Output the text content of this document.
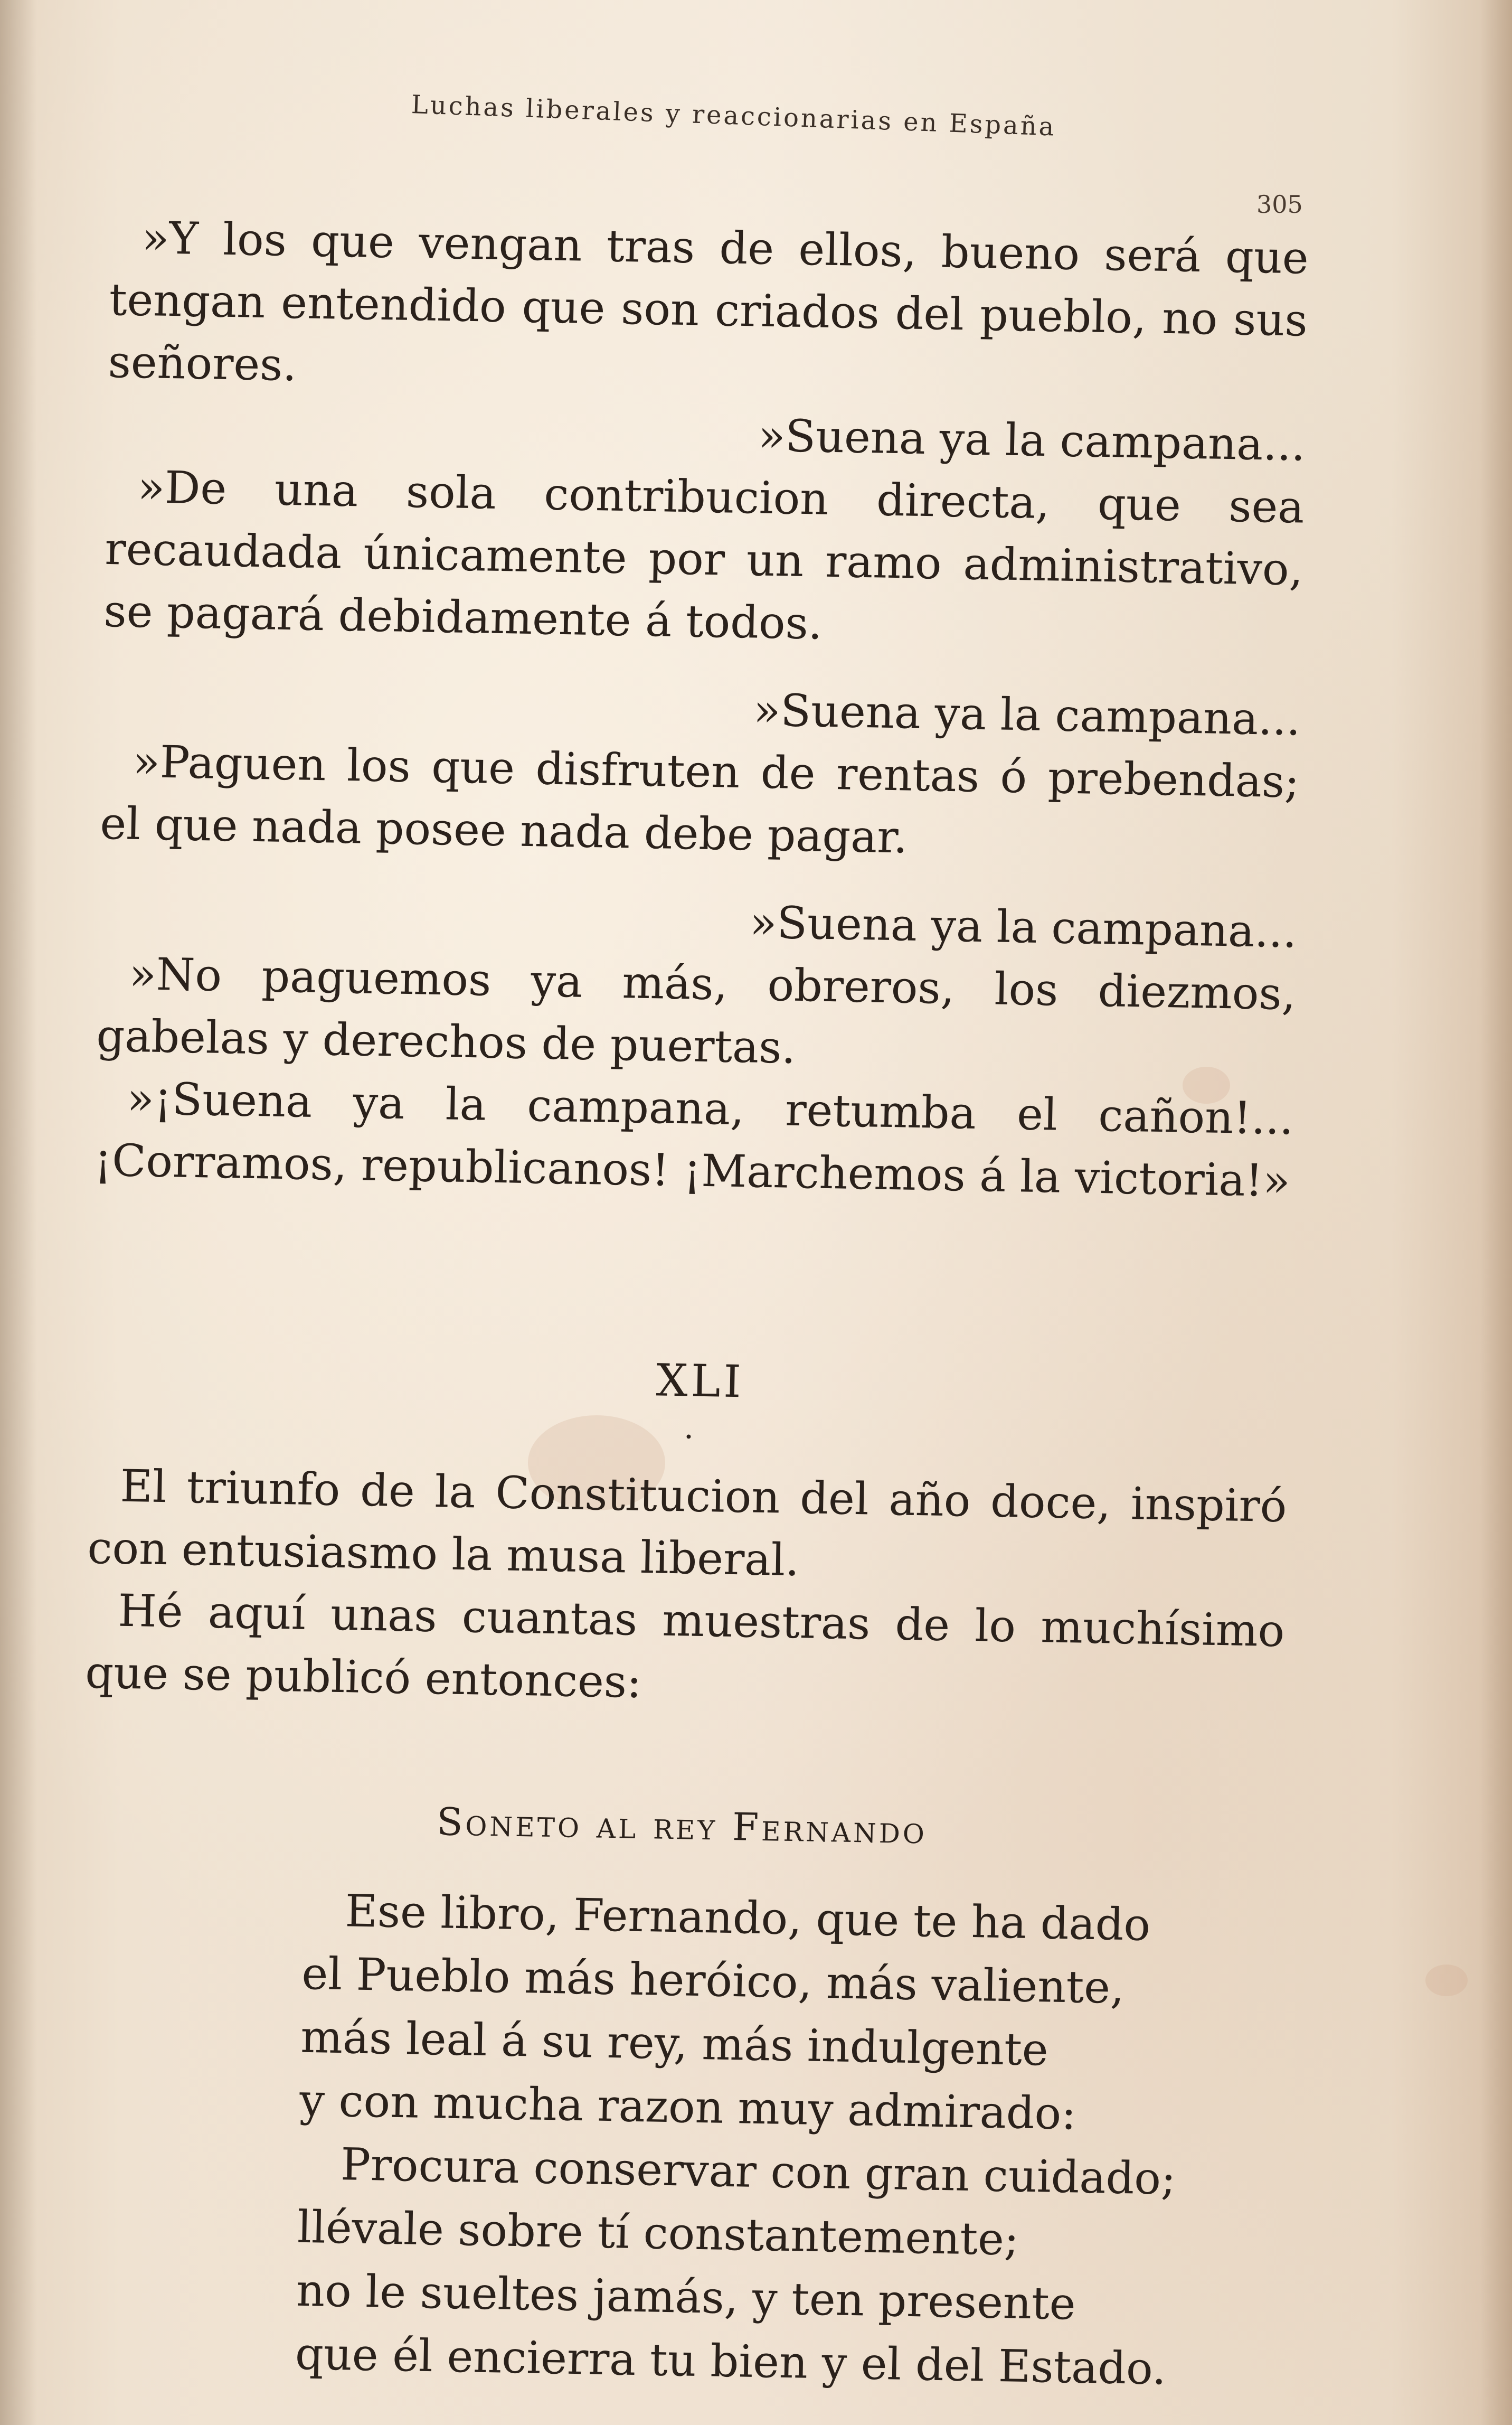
Luchas liberales y reaccionarias en España
305

»Y los que vengan tras de ellos, bueno será que tengan entendido que son criados del pueblo, no sus señores.

»Suena ya la campana...

»De una sola contribucion directa, que sea recaudada únicamente por un ramo administrativo, se pagará debidamente á todos.

»Suena ya la campana...

»Paguen los que disfruten de rentas ó prebendas; el que nada posee nada debe pagar.

»Suena ya la campana...

»No paguemos ya más, obreros, los diezmos, gabelas y derechos de puertas.

»¡Suena ya la campana, retumba el cañon!... ¡Corramos, republicanos! ¡Marchemos á la victoria!»

XLI

.

El triunfo de la Constitucion del año doce, inspiró con entusiasmo la musa liberal.

Hé aquí unas cuantas muestras de lo muchísimo que se publicó entonces:

Soneto al rey Fernando

Ese libro, Fernando, que te ha dado

el Pueblo más heróico, más valiente,

más leal á su rey, más indulgente

y con mucha razon muy admirado:

Procura conservar con gran cuidado;

llévale sobre tí constantemente;

no le sueltes jamás, y ten presente

que él encierra tu bien y el del Estado.
